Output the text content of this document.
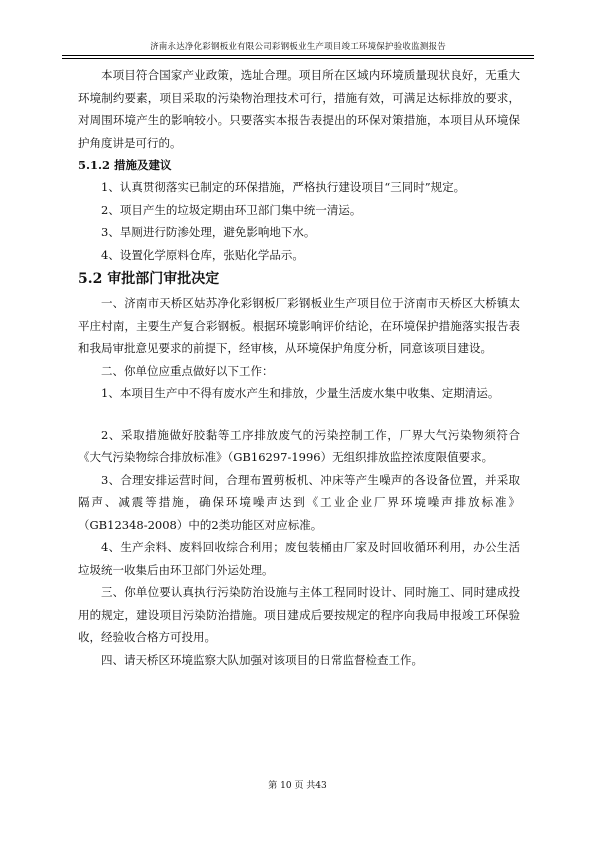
济南永达净化彩钢板业有限公司彩钢板业生产项目竣工环境保护验收监测报告

本项目符合国家产业政策，选址合理。项目所在区域内环境质量现状良好，无重大环境制约要素，项目采取的污染物治理技术可行，措施有效，可满足达标排放的要求，对周围环境产生的影响较小。只要落实本报告表提出的环保对策措施，本项目从环境保护角度讲是可行的。

5.1.2 措施及建议

1、认真贯彻落实已制定的环保措施，严格执行建设项目“三同时”规定。

2、项目产生的垃圾定期由环卫部门集中统一清运。

3、旱厕进行防渗处理，避免影响地下水。

4、设置化学原料仓库，张贴化学品示。

5.2 审批部门审批决定

一、济南市天桥区姑苏净化彩钢板厂彩钢板业生产项目位于济南市天桥区大桥镇太平庄村南，主要生产复合彩钢板。根据环境影响评价结论，在环境保护措施落实报告表和我局审批意见要求的前提下，经审核，从环境保护角度分析，同意该项目建设。

二、你单位应重点做好以下工作：

1、本项目生产中不得有废水产生和排放，少量生活废水集中收集、定期清运。

2、采取措施做好胶黏等工序排放废气的污染控制工作，厂界大气污染物须符合《大气污染物综合排放标准》（GB16297-1996）无组织排放监控浓度限值要求。

3、合理安排运营时间，合理布置剪板机、冲床等产生噪声的各设备位置，并采取隔声、减震等措施，确保环境噪声达到《工业企业厂界环境噪声排放标准》（GB12348-2008）中的2类功能区对应标准。

4、生产余料、废料回收综合利用；废包装桶由厂家及时回收循环利用，办公生活垃圾统一收集后由环卫部门外运处理。

三、你单位要认真执行污染防治设施与主体工程同时设计、同时施工、同时建成投用的规定，建设项目污染防治措施。项目建成后要按规定的程序向我局申报竣工环保验收，经验收合格方可投用。

四、请天桥区环境监察大队加强对该项目的日常监督检查工作。

第 10 页 共43
